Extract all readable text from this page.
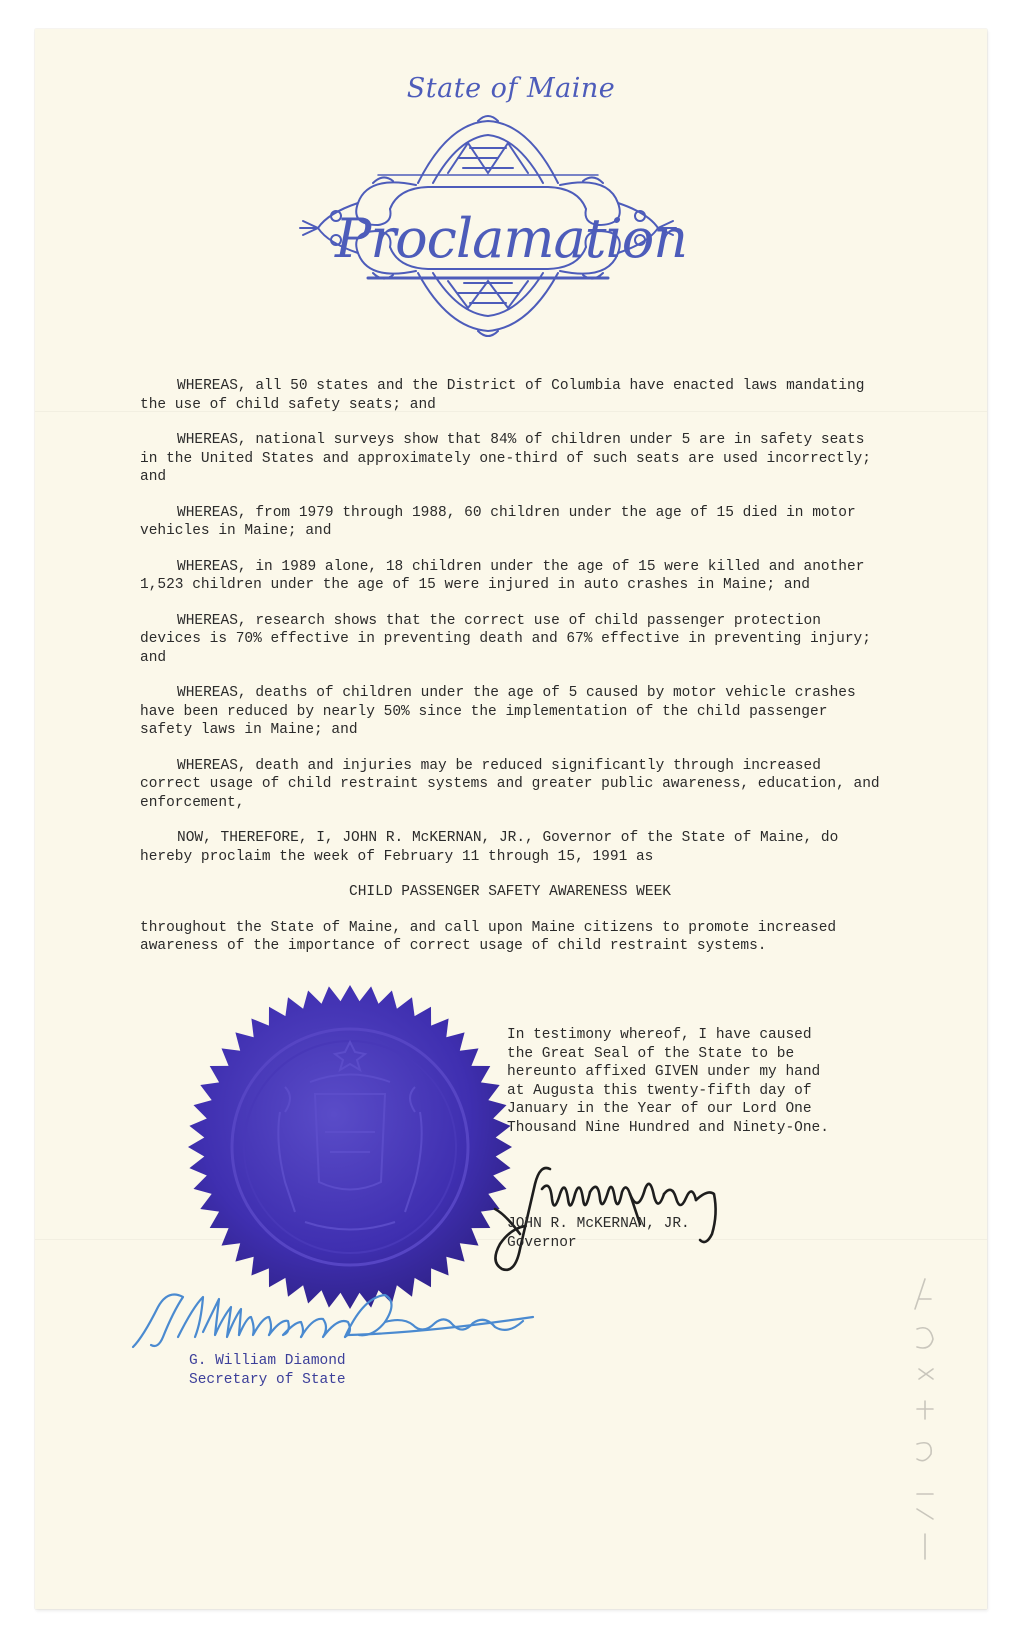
State of Maine
Proclamation

WHEREAS, all 50 states and the District of Columbia have enacted laws mandating the use of child safety seats; and

WHEREAS, national surveys show that 84% of children under 5 are in safety seats in the United States and approximately one-third of such seats are used incorrectly; and

WHEREAS, from 1979 through 1988, 60 children under the age of 15 died in motor vehicles in Maine; and

WHEREAS, in 1989 alone, 18 children under the age of 15 were killed and another 1,523 children under the age of 15 were injured in auto crashes in Maine; and

WHEREAS, research shows that the correct use of child passenger protection devices is 70% effective in preventing death and 67% effective in preventing injury; and

WHEREAS, deaths of children under the age of 5 caused by motor vehicle crashes have been reduced by nearly 50% since the implementation of the child passenger safety laws in Maine; and

WHEREAS, death and injuries may be reduced significantly through increased correct usage of child restraint systems and greater public awareness, education, and enforcement,

NOW, THEREFORE, I, JOHN R. McKERNAN, JR., Governor of the State of Maine, do hereby proclaim the week of February 11 through 15, 1991 as

CHILD PASSENGER SAFETY AWARENESS WEEK

throughout the State of Maine, and call upon Maine citizens to promote increased awareness of the importance of correct usage of child restraint systems.

In testimony whereof, I have caused the Great Seal of the State to be hereunto affixed GIVEN under my hand at Augusta this twenty-fifth day of January in the Year of our Lord One Thousand Nine Hundred and Ninety-One.
JOHN R. McKERNAN, JR.
Governor
G. William Diamond
Secretary of State
